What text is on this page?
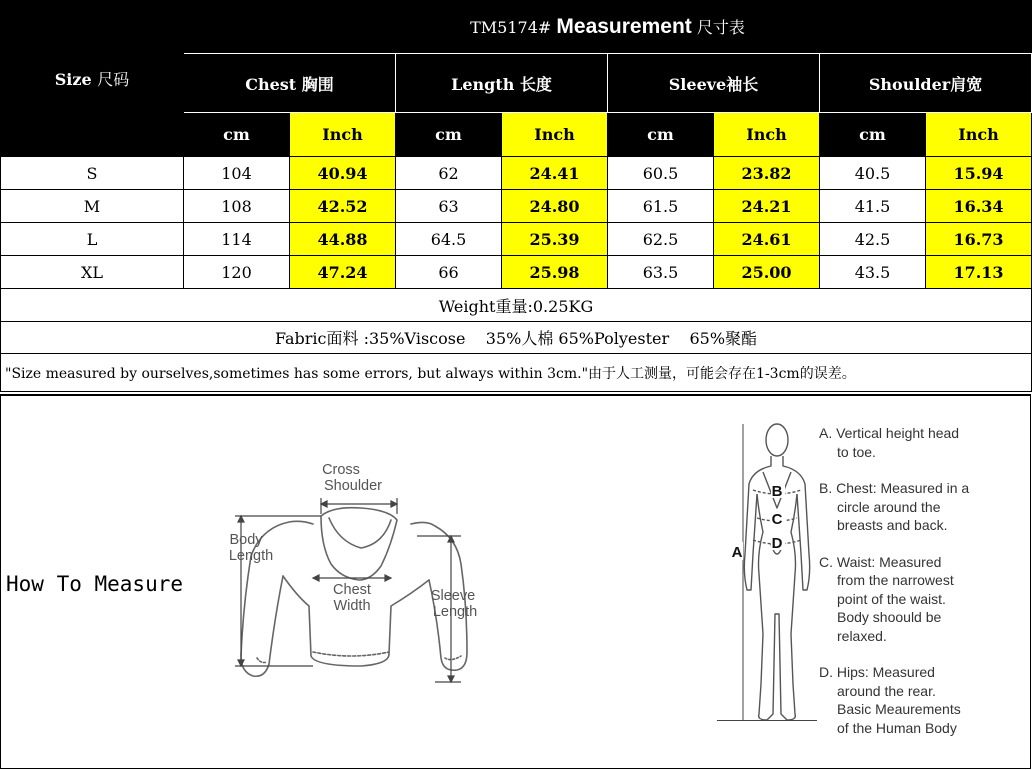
Size 尺码	TM5174# Measurement 尺寸表							
	Chest 胸围		Length 长度		Sleeve袖长		Shoulder肩宽	
	cm	Inch	cm	Inch	cm	Inch	cm	Inch
S	104	40.94	62	24.41	60.5	23.82	40.5	15.94
M	108	42.52	63	24.80	61.5	24.21	41.5	16.34
L	114	44.88	64.5	25.39	62.5	24.61	42.5	16.73
XL	120	47.24	66	25.98	63.5	25.00	43.5	17.13
Weight重量:0.25KG								
Fabric面料 :35%Viscose    35%人棉 65%Polyester    65%聚酯								
"Size measured by ourselves,sometimes has some errors, but always within 3cm."由于人工测量，可能会存在1-3cm的误差。								
How To Measure
Cross
Shoulder
Body
Length
Chest
Width
Sleeve
Length
A
B
C
D
A. Vertical height head
to toe.
B. Chest: Measured in a
circle around the
breasts and back.
C. Waist: Measured
from the narrowest
point of the waist.
Body shoould be
relaxed.
D. Hips: Measured
around the rear.
Basic Meaurements
of the Human Body
